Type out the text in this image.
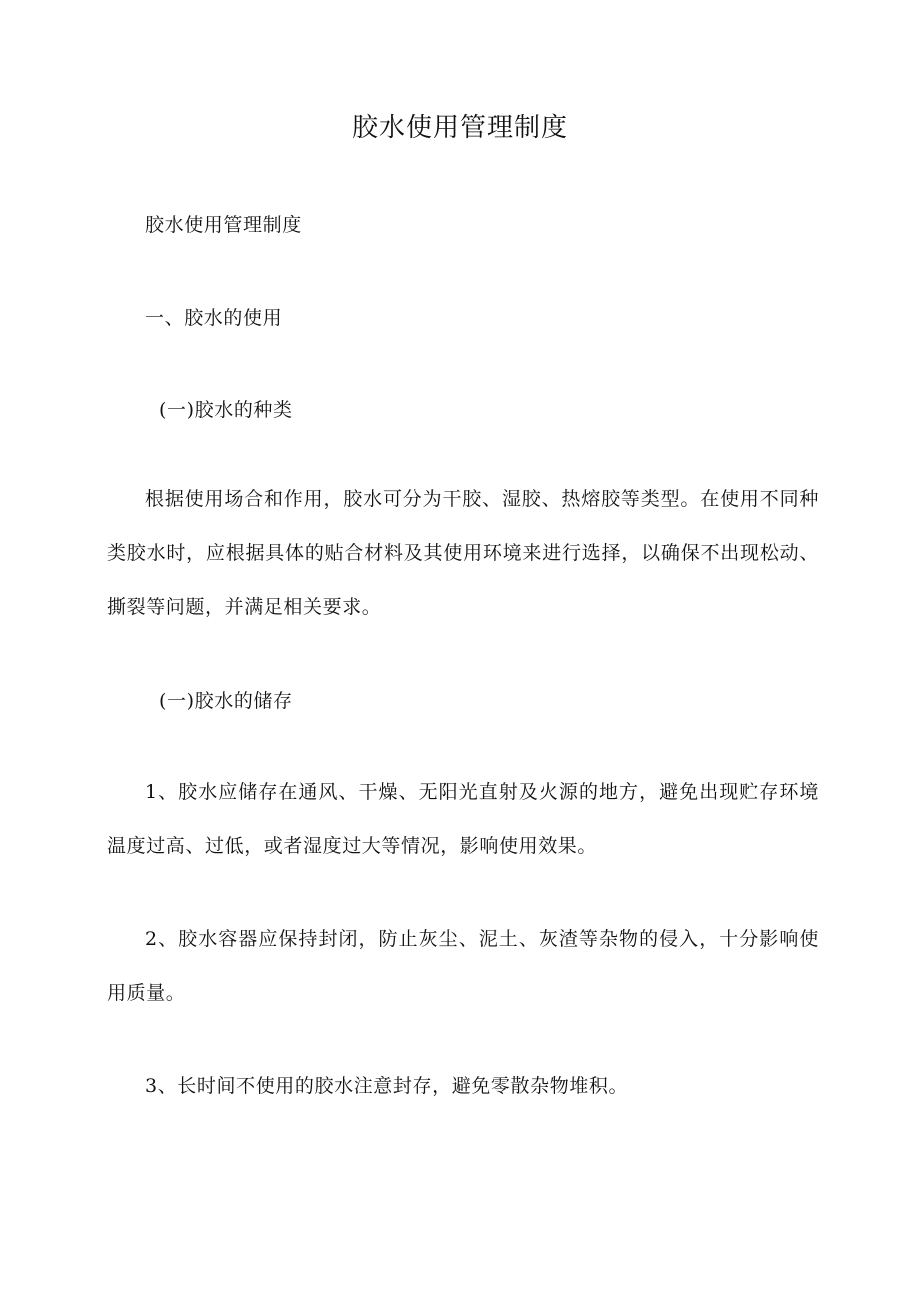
胶水使用管理制度

胶水使用管理制度

一、胶水的使用

(一)胶水的种类

根据使用场合和作用，胶水可分为干胶、湿胶、热熔胶等类型。在使用不同种类胶水时，应根据具体的贴合材料及其使用环境来进行选择，以确保不出现松动、撕裂等问题，并满足相关要求。

(一)胶水的储存

1、胶水应储存在通风、干燥、无阳光直射及火源的地方，避免出现贮存环境温度过高、过低，或者湿度过大等情况，影响使用效果。

2、胶水容器应保持封闭，防止灰尘、泥土、灰渣等杂物的侵入，十分影响使用质量。

3、长时间不使用的胶水注意封存，避免零散杂物堆积。
